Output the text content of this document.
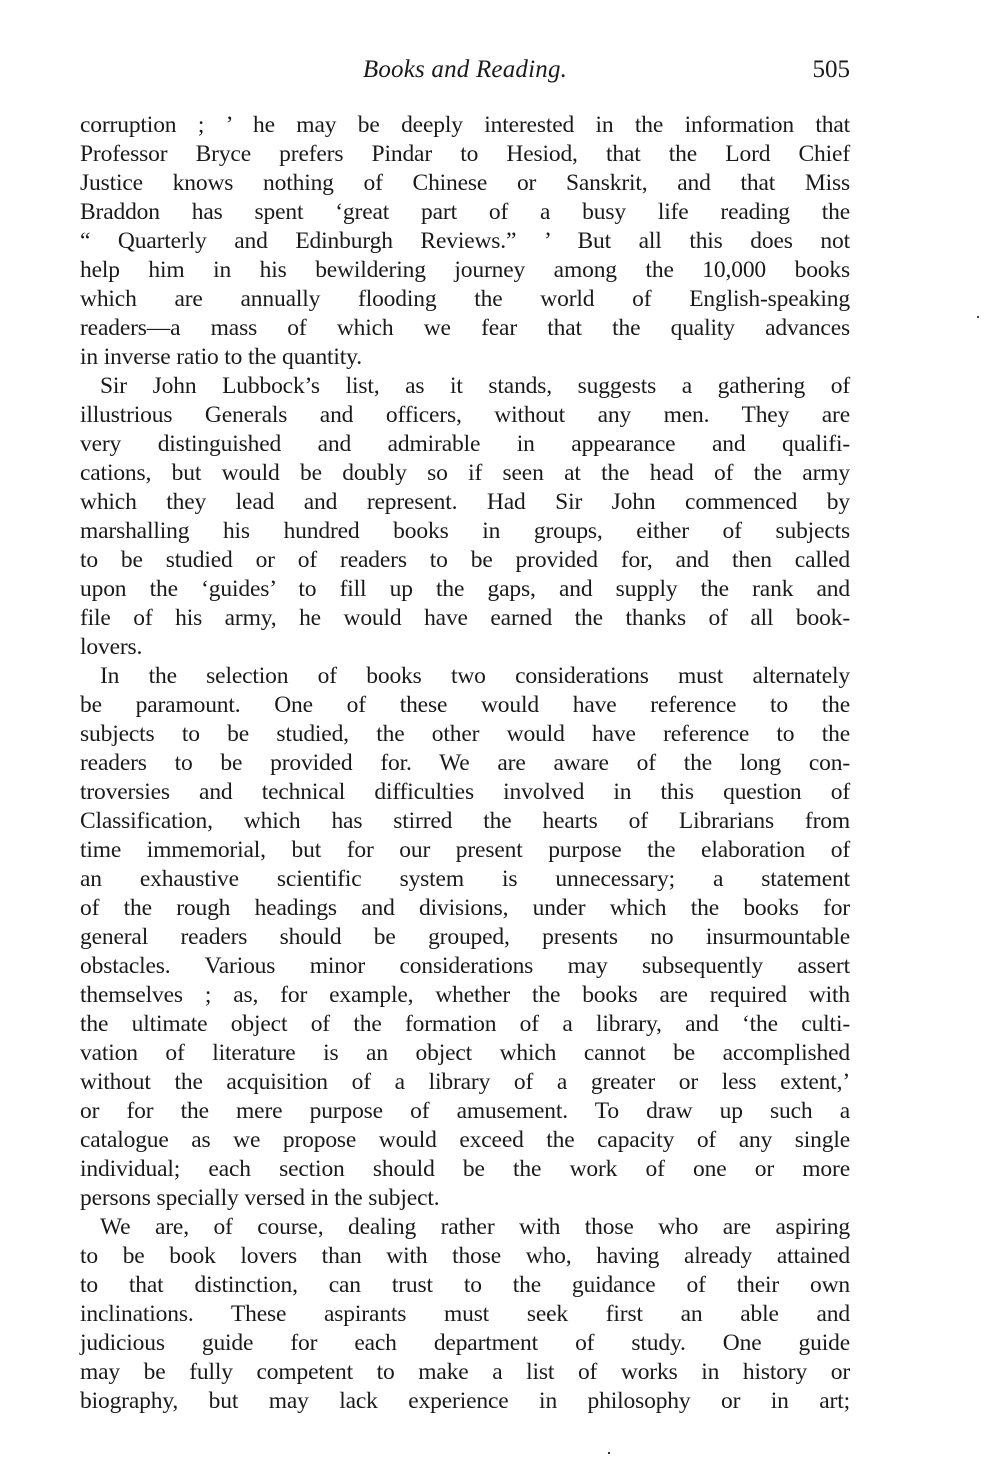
Books and Reading.	505
corruption ; ’ he may be deeply interested in the information that
Professor Bryce prefers Pindar to Hesiod, that the Lord Chief
Justice knows nothing of Chinese or Sanskrit, and that Miss
Braddon has spent ‘great part of a busy life reading the
“ Quarterly and Edinburgh Reviews.” ’ But all this does not
help him in his bewildering journey among the 10,000 books
which are annually flooding the world of English-speaking
readers—a mass of which we fear that the quality advances
in inverse ratio to the quantity.
Sir John Lubbock’s list, as it stands, suggests a gathering of
illustrious Generals and officers, without any men. They are
very distinguished and admirable in appearance and qualifi-
cations, but would be doubly so if seen at the head of the army
which they lead and represent. Had Sir John commenced by
marshalling his hundred books in groups, either of subjects
to be studied or of readers to be provided for, and then called
upon the ‘guides’ to fill up the gaps, and supply the rank and
file of his army, he would have earned the thanks of all book-
lovers.
In the selection of books two considerations must alternately
be paramount. One of these would have reference to the
subjects to be studied, the other would have reference to the
readers to be provided for. We are aware of the long con-
troversies and technical difficulties involved in this question of
Classification, which has stirred the hearts of Librarians from
time immemorial, but for our present purpose the elaboration of
an exhaustive scientific system is unnecessary; a statement
of the rough headings and divisions, under which the books for
general readers should be grouped, presents no insurmountable
obstacles. Various minor considerations may subsequently assert
themselves ; as, for example, whether the books are required with
the ultimate object of the formation of a library, and ‘the culti-
vation of literature is an object which cannot be accomplished
without the acquisition of a library of a greater or less extent,’
or for the mere purpose of amusement. To draw up such a
catalogue as we propose would exceed the capacity of any single
individual; each section should be the work of one or more
persons specially versed in the subject.
We are, of course, dealing rather with those who are aspiring
to be book lovers than with those who, having already attained
to that distinction, can trust to the guidance of their own
inclinations. These aspirants must seek first an able and
judicious guide for each department of study. One guide
may be fully competent to make a list of works in history or
biography, but may lack experience in philosophy or in art;
